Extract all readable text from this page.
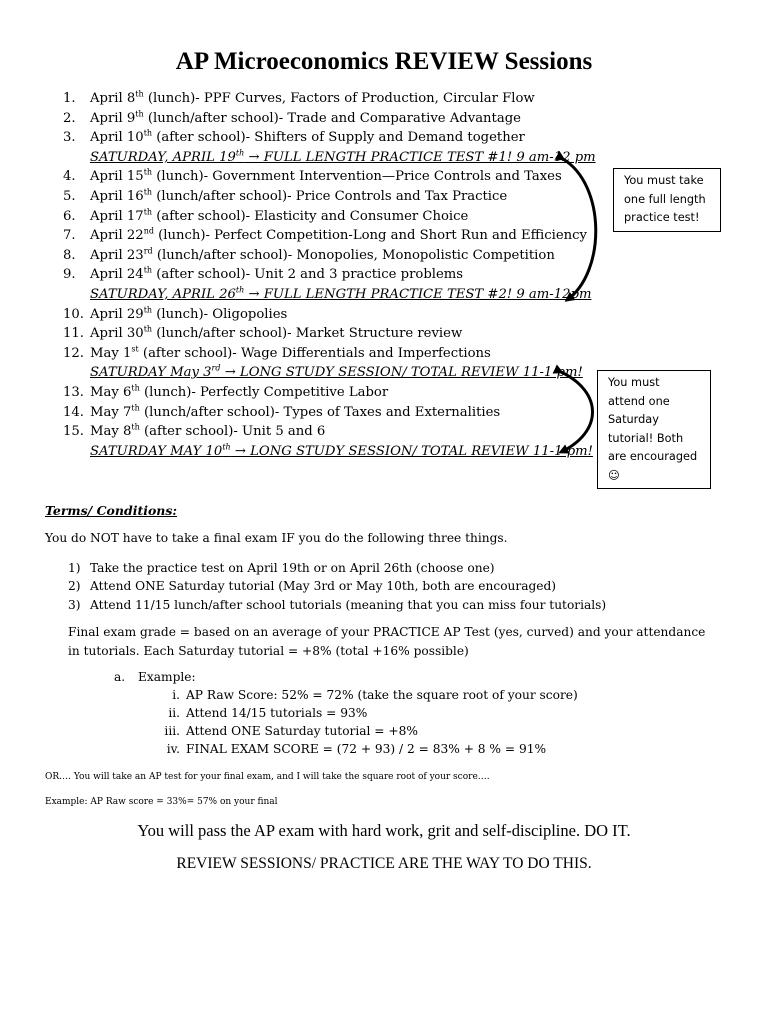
AP Microeconomics REVIEW Sessions
1. April 8th (lunch)- PPF Curves, Factors of Production, Circular Flow
2. April 9th (lunch/after school)- Trade and Comparative Advantage
3. April 10th (after school)- Shifters of Supply and Demand together
SATURDAY, APRIL 19th → FULL LENGTH PRACTICE TEST #1! 9 am-12 pm
4. April 15th (lunch)- Government Intervention—Price Controls and Taxes
5. April 16th (lunch/after school)- Price Controls and Tax Practice
6. April 17th (after school)- Elasticity and Consumer Choice
7. April 22nd (lunch)- Perfect Competition-Long and Short Run and Efficiency
8. April 23rd (lunch/after school)- Monopolies, Monopolistic Competition
9. April 24th (after school)- Unit 2 and 3 practice problems
SATURDAY, APRIL 26th → FULL LENGTH PRACTICE TEST #2! 9 am-12pm
10. April 29th (lunch)- Oligopolies
11. April 30th (lunch/after school)- Market Structure review
12. May 1st (after school)- Wage Differentials and Imperfections
SATURDAY May 3rd → LONG STUDY SESSION/ TOTAL REVIEW 11-1 pm!
13. May 6th (lunch)- Perfectly Competitive Labor
14. May 7th (lunch/after school)- Types of Taxes and Externalities
15. May 8th (after school)- Unit 5 and 6
SATURDAY MAY 10th → LONG STUDY SESSION/ TOTAL REVIEW 11-1 pm!
You must take one full length practice test!
You must attend one Saturday tutorial! Both are encouraged ☺
Terms/ Conditions:
You do NOT have to take a final exam IF you do the following three things.
1) Take the practice test on April 19th or on April 26th (choose one)
2) Attend ONE Saturday tutorial (May 3rd or May 10th, both are encouraged)
3) Attend 11/15 lunch/after school tutorials (meaning that you can miss four tutorials)
Final exam grade = based on an average of your PRACTICE AP Test (yes, curved) and your attendance in tutorials. Each Saturday tutorial = +8% (total +16% possible)
a. Example:
i. AP Raw Score: 52% = 72% (take the square root of your score)
ii. Attend 14/15 tutorials = 93%
iii. Attend ONE Saturday tutorial = +8%
iv. FINAL EXAM SCORE = (72 + 93) / 2 = 83% + 8 % = 91%
OR…. You will take an AP test for your final exam, and I will take the square root of your score….
Example: AP Raw score = 33%= 57% on your final
You will pass the AP exam with hard work, grit and self-discipline. DO IT.
REVIEW SESSIONS/ PRACTICE ARE THE WAY TO DO THIS.
